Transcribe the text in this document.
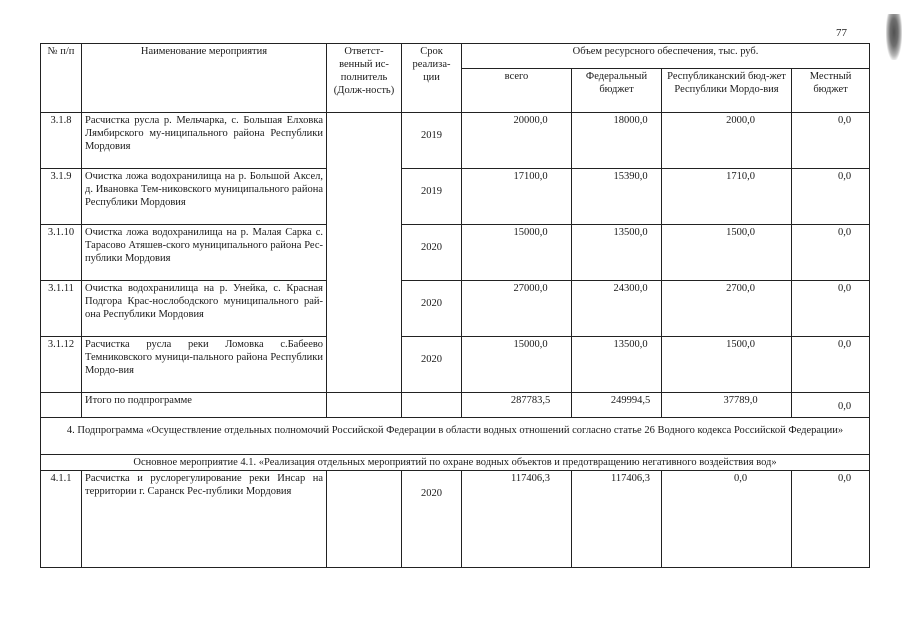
77
№ п/п	Наименование мероприятия	Ответст-венный ис-полнитель (Долж-ность)	Срок реализа-ции	Объем ресурсного обеспечения, тыс. руб.			
				всего	Федеральный бюджет	Республиканский бюд-жет Республики Мордо-вия	Местный бюджет
3.1.8	Расчистка русла р. Мельчарка, с. Большая Елховка Лямбирского му-ниципального района Республики Мордовия		2019	20000,0	18000,0	2000,0	0,0

3.1.9	Очистка ложа водохранилища на р. Большой Аксел, д. Ивановка Тем-никовского муниципального района Республики Мордовия		2019	17100,0	15390,0	1710,0	0,0

3.1.10	Очистка ложа водохранилища на р. Малая Сарка с. Тарасово Атяшев-ского муниципального района Рес-публики Мордовия		2020	15000,0	13500,0	1500,0	0,0

3.1.11	Очистка водохранилища на р. Унейка, с. Красная Подгора Крас-нослободского муниципального рай-она Республики Мордовия		2020	27000,0	24300,0	2700,0	0,0

3.1.12	Расчистка русла реки Ломовка с.Бабеево Темниковского муници-пального района Республики Мордо-вия		2020	15000,0	13500,0	1500,0	0,0

	Итого по подпрограмме			287783,5	249994,5	37789,0	0,0

4. Подпрограмма «Осуществление отдельных полномочий Российской Федерации в области водных отношений согласно статье 26 Водного кодекса Российской Федерации»							
Основное мероприятие 4.1. «Реализация отдельных мероприятий по охране водных объектов и предотвращению негативного воздействия вод»							
4.1.1	Расчистка и руслорегулирование реки Инсар на территории г. Саранск Рес-публики Мордовия		2020	117406,3	117406,3	0,0	0,0
